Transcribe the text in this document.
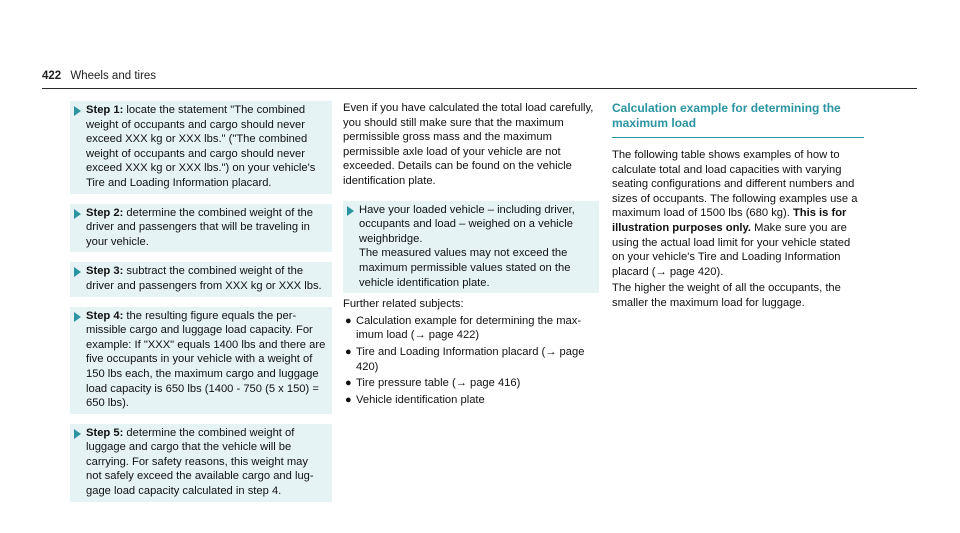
422 Wheels and tires
Step 1: locate the statement "The combined weight of occupants and cargo should never exceed XXX kg or XXX lbs." ("The combined weight of occupants and cargo should never exceed XXX kg or XXX lbs.") on your vehicle's Tire and Loading Information placard.
Step 2: determine the combined weight of the driver and passengers that will be traveling in your vehicle.
Step 3: subtract the combined weight of the driver and passengers from XXX kg or XXX lbs.
Step 4: the resulting figure equals the permissible cargo and luggage load capacity. For example: If "XXX" equals 1400 lbs and there are five occupants in your vehicle with a weight of 150 lbs each, the maximum cargo and luggage load capacity is 650 lbs (1400 - 750 (5 x 150) = 650 lbs).
Step 5: determine the combined weight of luggage and cargo that the vehicle will be carrying. For safety reasons, this weight may not safely exceed the available cargo and luggage load capacity calculated in step 4.

Even if you have calculated the total load carefully, you should still make sure that the maximum permissible gross mass and the maximum permissible axle load of your vehicle are not exceeded. Details can be found on the vehicle identification plate.

Have your loaded vehicle – including driver, occupants and load – weighed on a vehicle weighbridge.
The measured values may not exceed the maximum permissible values stated on the vehicle identification plate.

Further related subjects:

● Calculation example for determining the maximum load (→ page 422)
● Tire and Loading Information placard (→ page 420)
● Tire pressure table (→ page 416)
● Vehicle identification plate
Calculation example for determining the maximum load

The following table shows examples of how to calculate total and load capacities with varying seating configurations and different numbers and sizes of occupants. The following examples use a maximum load of 1500 lbs (680 kg). This is for illustration purposes only. Make sure you are using the actual load limit for your vehicle stated on your vehicle's Tire and Loading Information placard (→ page 420).

The higher the weight of all the occupants, the smaller the maximum load for luggage.
